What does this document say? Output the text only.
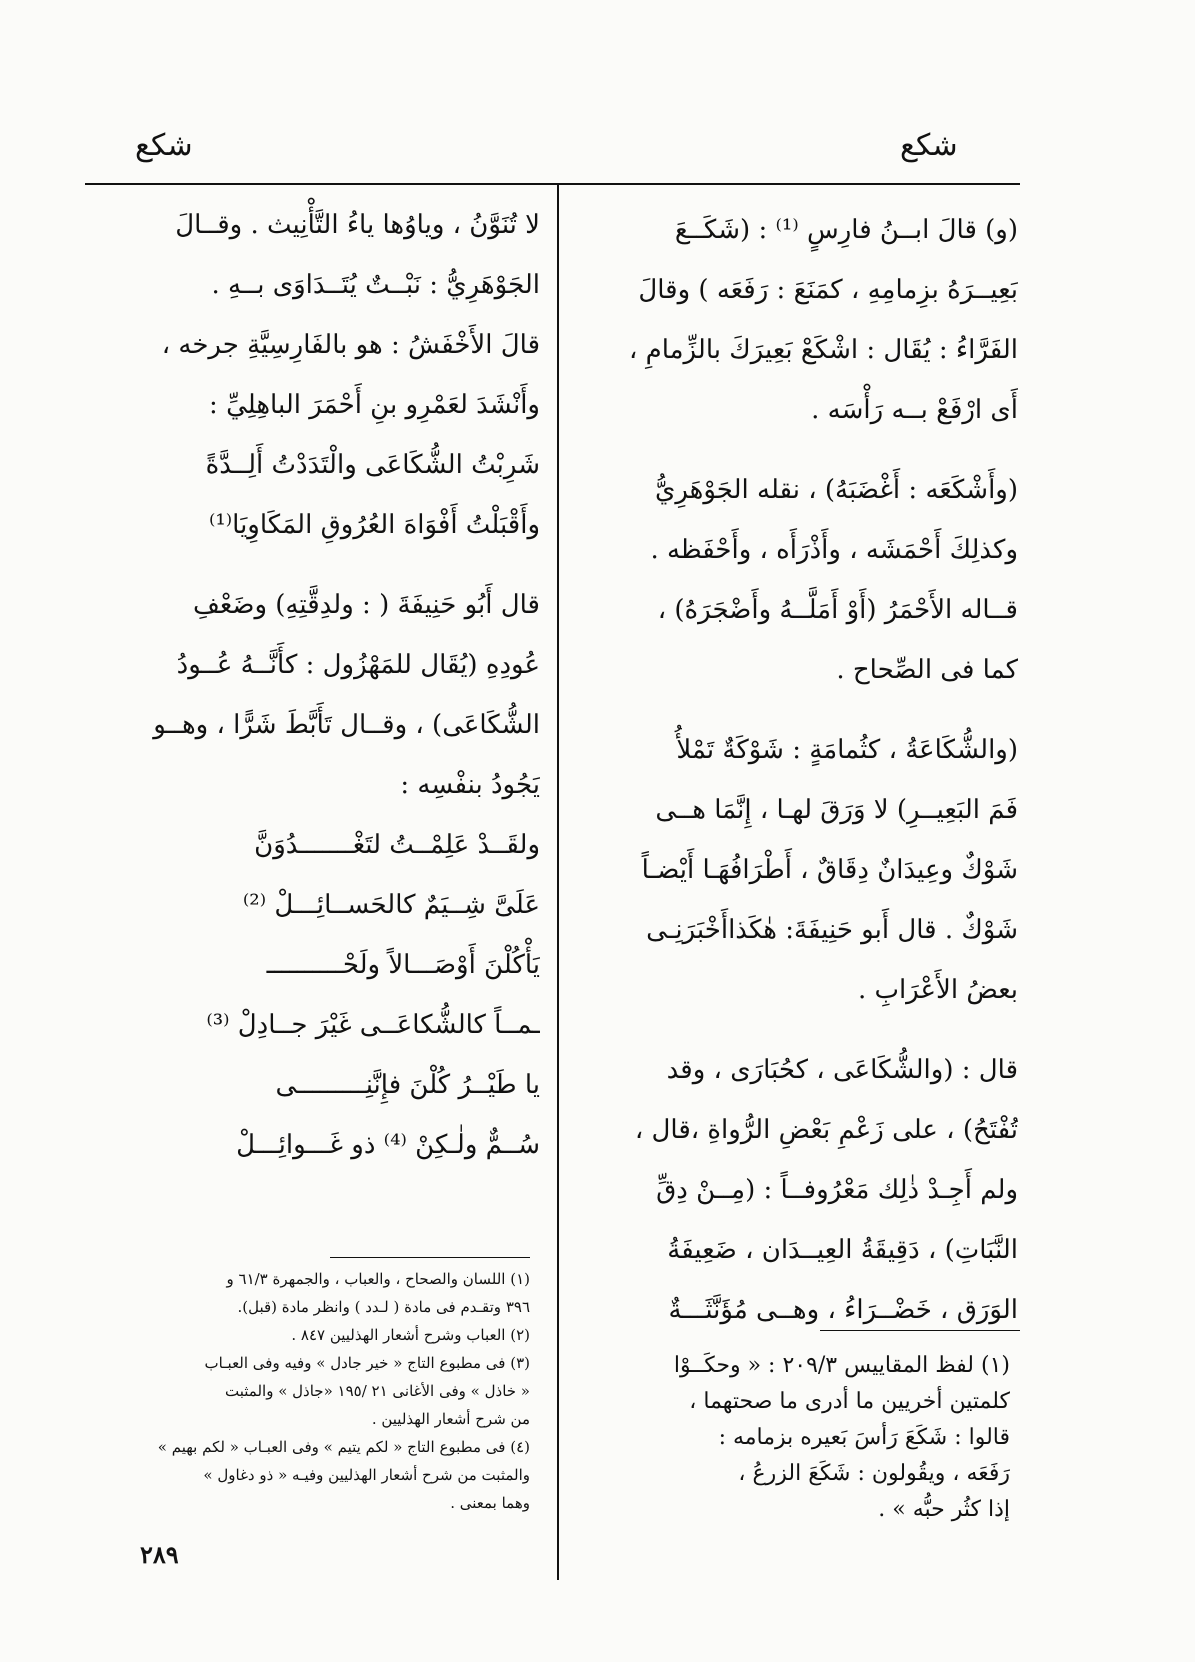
شكع
شكع
(و) قالَ ابــنُ فارِسٍ ⁽¹⁾ : (شَكَــعَ
بَعِيــرَهُ بزِمامِهِ ، كمَنَعَ : رَفَعَه ) وقالَ
الفَرَّاءُ : يُقَال : اشْكَعْ بَعِيرَكَ بالزِّمامِ ،
أَى ارْفَعْ بــه رَأْسَه .
(وأَشْكَعَه : أَغْضَبَهُ) ، نقله الجَوْهَرِيُّ
وكذلِكَ أَحْمَشَه ، وأَذْرَأَه ، وأَحْفَظه .
قــاله الأَحْمَرُ (أَوْ أَمَلَّــهُ وأَضْجَرَهُ) ،
كما فى الصِّحاح .
(والشُّكَاعَةُ ، كثُمامَةٍ : شَوْكَةٌ تَمْلأُ
فَمَ البَعِيــرِ) لا وَرَقَ لهـا ، إِنَّمَا هــى
شَوْكٌ وعِيدَانٌ دِقَاقٌ ، أَطْرَافُهَـا أَيْضـاً
شَوْكٌ . قال أَبو حَنِيفَةَ: هٰكَذاأَخْبَرَنِـى
بعضُ الأَعْرَابِ .
قال : (والشُّكَاعَى ، كحُبَارَى ، وقد
تُفْتَحُ) ، على زَعْمِ بَعْضِ الرُّواةِ ،قال ،
ولم أَجِـدْ ذٰلِك مَعْرُوفــاً : (مِــنْ دِقِّ
النَّبَاتِ) ، دَقِيقَةُ العِيــدَان ، ضَعِيفَةُ
الوَرَق ، خَضْــرَاءُ ، وهــى مُؤَنَّثَـــةٌ
لا تُنَوَّنُ ، وياوُها ياءُ التَّأْنِيث . وقــالَ
الجَوْهَرِيُّ : نَبْــتٌ يُتَــدَاوَى بــهِ .
قالَ الأَخْفَشُ : هو بالفَارِسِيَّةِ جرخه ،
وأَنْشَدَ لعَمْرِو بنِ أَحْمَرَ الباهِلِيِّ :
شَرِبْتُ الشُّكَاعَى والْتَدَدْتُ أَلِــدَّةً
وأَقْبَلْتُ أَفْوَاهَ العُرُوقِ المَكَاوِيَا⁽¹⁾
قال أَبُو حَنِيفَةَ ( : ولدِقَّتِهِ) وضَعْفِ
عُودِهِ (يُقَال للمَهْزُول : كأَنَّــهُ عُــودُ
الشُّكَاعَى) ، وقــال تَأَبَّطَ شَرًّا ، وهــو
يَجُودُ بنفْسِه :
ولقَــدْ عَلِمْــتُ لتَغْـــــــدُوَنَّ
عَلَىَّ شِــيَمٌ كالحَســائِـــلْ ⁽²⁾
يَأْكُلْنَ أَوْصَـــالاً ولَحْــــــــــ
ـمــاً كالشُّكاعَــى غَيْرَ جــادِلْ ⁽³⁾
يا طَيْــرُ كُلْنَ فإِنَّنِـــــــــى
سُــمٌّ ولٰـكِنْ ⁽⁴⁾ ذو غَـــوائِـــلْ
(١) لفظ المقاييس ٢٠٩/٣ : « وحكَــوْا
كلمتين أخريين ما أدرى ما صحتهما ،
قالوا : شَكَعَ رَأسَ بَعيره بزمامه :
رَفَعَه ، ويقُولون : شَكَعَ الزرعُ ،
إذا كثُر حبُّه » .
(١) اللسان والصحاح ، والعباب ، والجمهرة ٦١/٣ و
٣٩٦ وتقـدم فى مادة ( لـدد ) وانظر مادة (قبل).
(٢) العباب وشرح أشعار الهذليين ٨٤٧ .
(٣) فى مطبوع التاج « خير جادل » وفيه وفى العبـاب
« خاذل » وفى الأغانى ٢١ /١٩٥ «جاذل » والمثبت
من شرح أشعار الهذليين .
(٤) فى مطبوع التاج « لكم يتيم » وفى العبـاب « لكم بهيم »
والمثبت من شرح أشعار الهذليين وفيـه « ذو دغاول »
وهما بمعنى .
٢٨٩
